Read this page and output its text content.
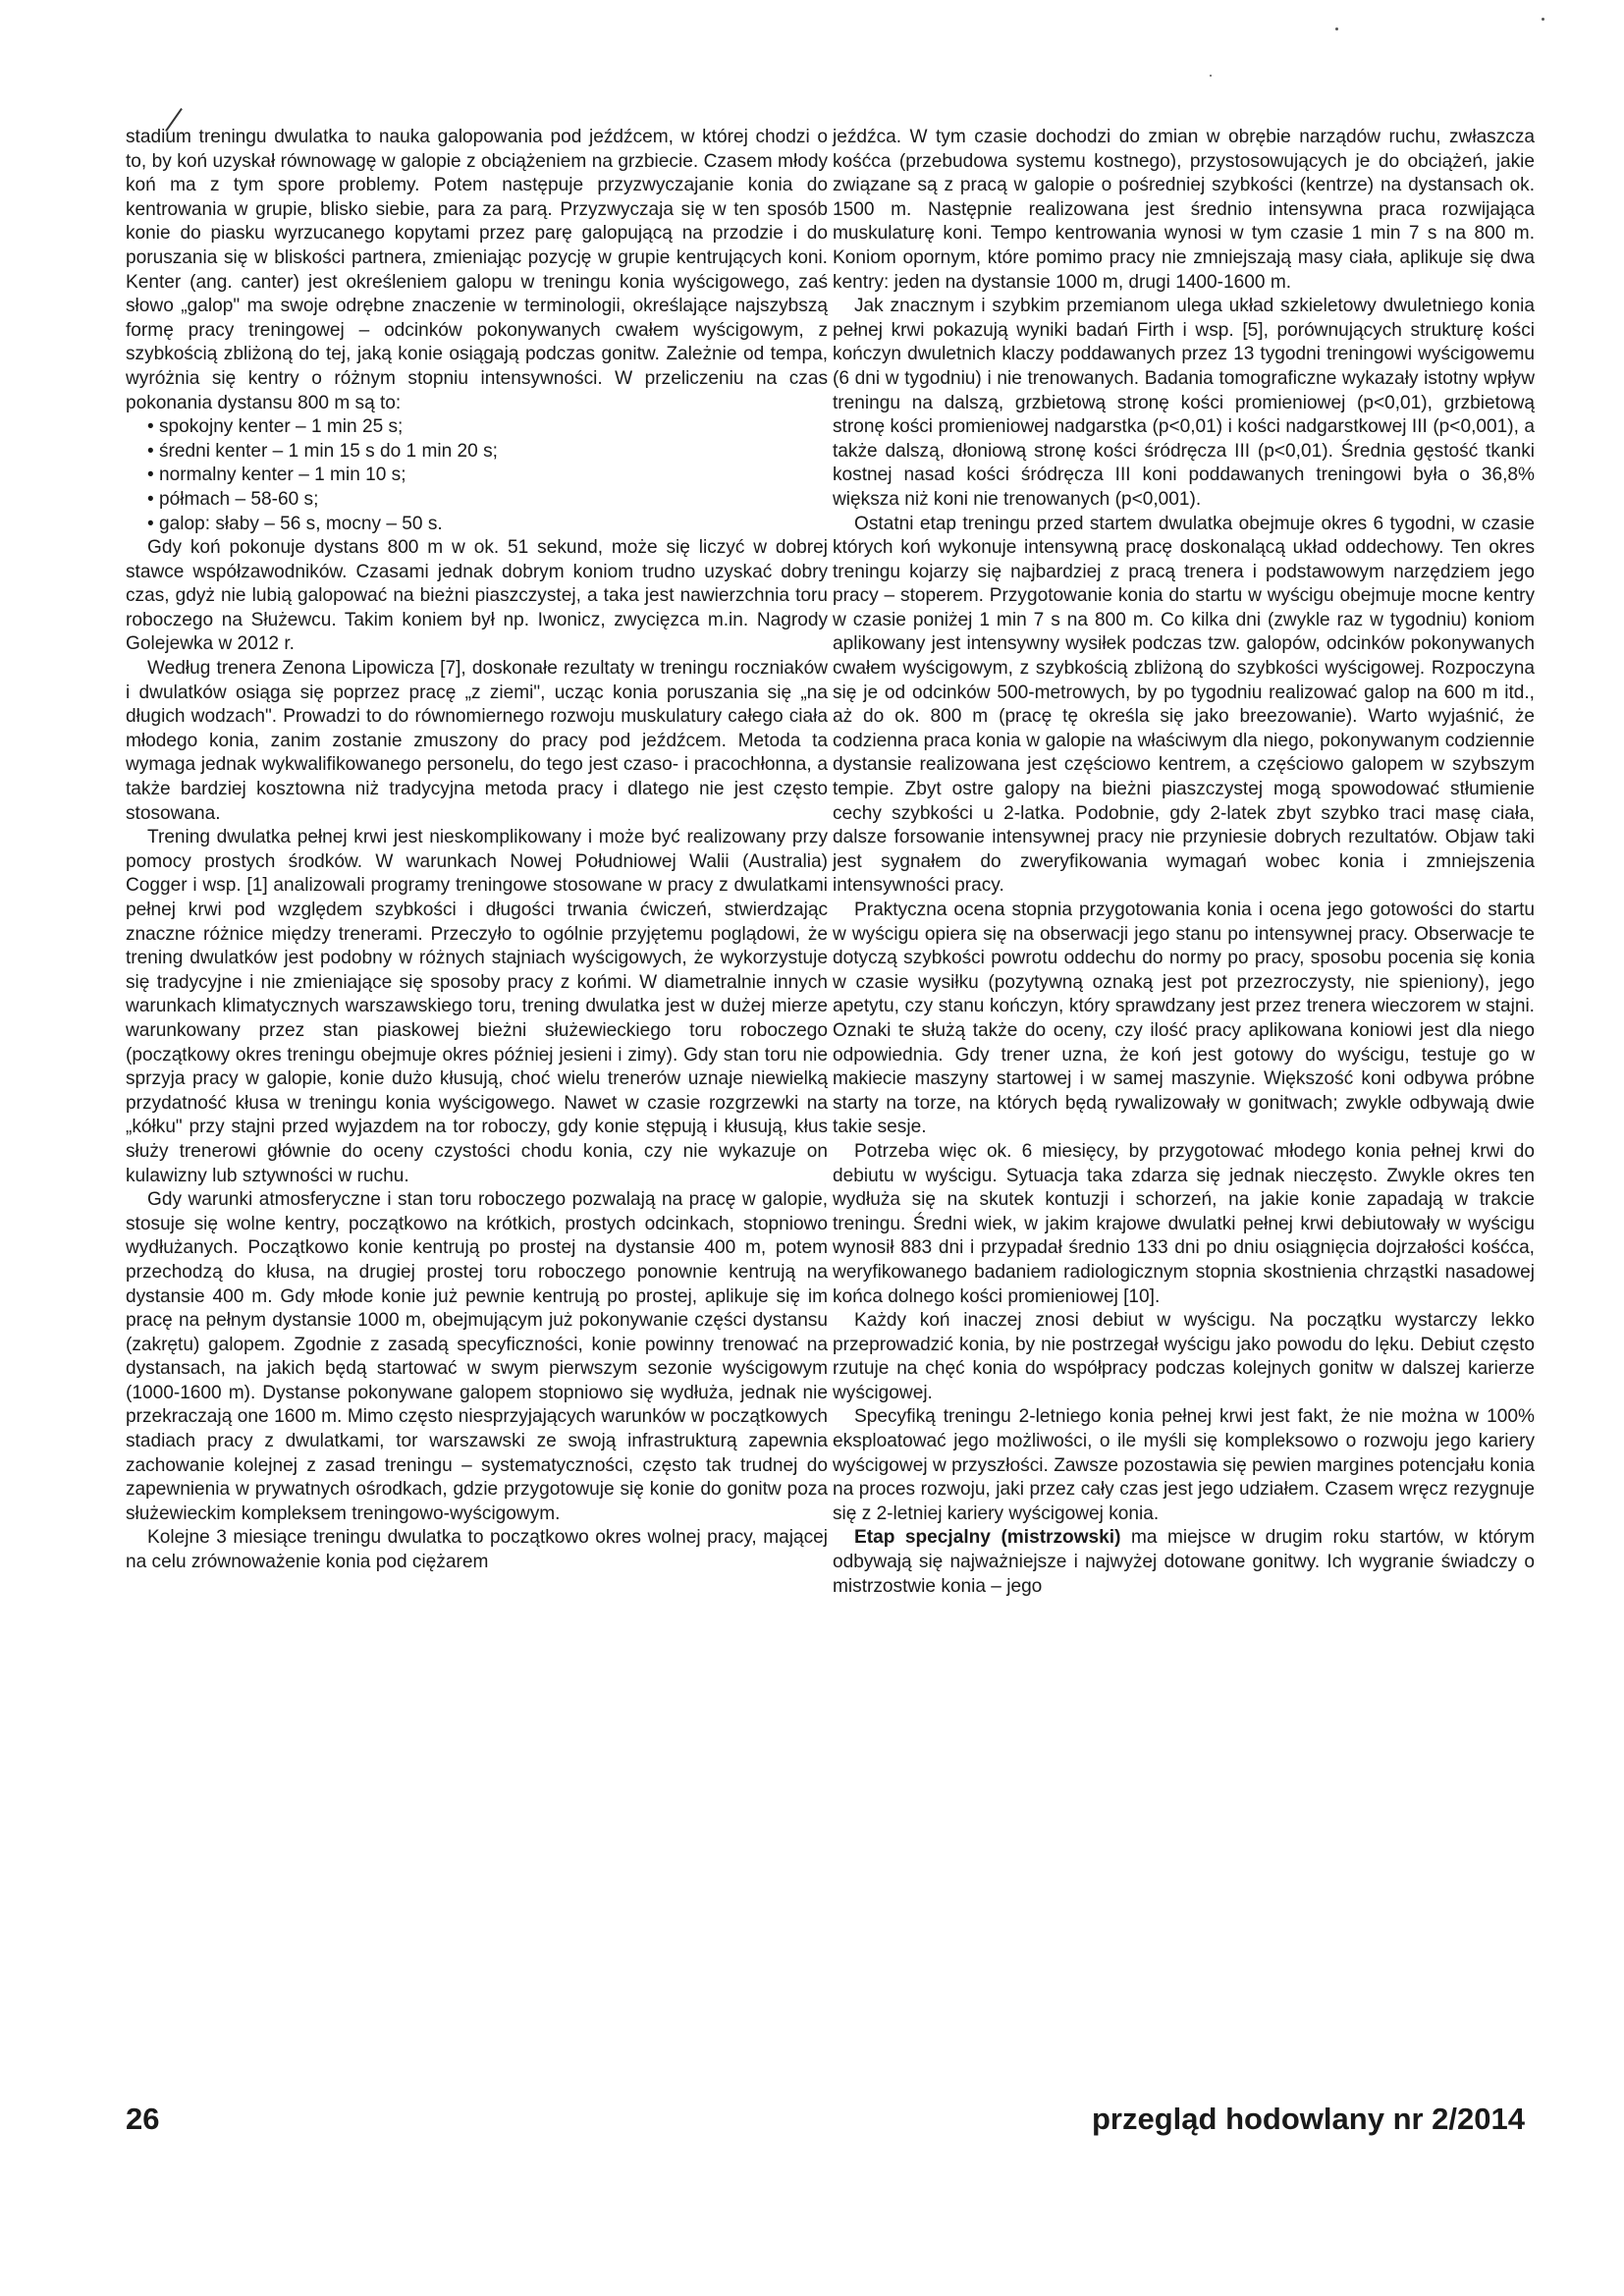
stadium treningu dwulatka to nauka galopowania pod jeźdźcem, w której chodzi o to, by koń uzyskał równowagę w galopie z obciążeniem na grzbiecie. Czasem młody koń ma z tym spore problemy. Potem następuje przyzwyczajanie konia do kentrowania w grupie, blisko siebie, para za parą. Przyzwyczaja się w ten sposób konie do piasku wyrzucanego kopytami przez parę galopującą na przodzie i do poruszania się w bliskości partnera, zmieniając pozycję w grupie kentrujących koni. Kenter (ang. canter) jest określeniem galopu w treningu konia wyścigowego, zaś słowo „galop" ma swoje odrębne znaczenie w terminologii, określające najszybszą formę pracy treningowej – odcinków pokonywanych cwałem wyścigowym, z szybkością zbliżoną do tej, jaką konie osiągają podczas gonitw. Zależnie od tempa, wyróżnia się kentry o różnym stopniu intensywności. W przeliczeniu na czas pokonania dystansu 800 m są to:

• spokojny kenter – 1 min 25 s;
• średni kenter – 1 min 15 s do 1 min 20 s;
• normalny kenter – 1 min 10 s;
• półmach – 58-60 s;
• galop: słaby – 56 s, mocny – 50 s.

Gdy koń pokonuje dystans 800 m w ok. 51 sekund, może się liczyć w dobrej stawce współzawodników. Czasami jednak dobrym koniom trudno uzyskać dobry czas, gdyż nie lubią galopować na bieżni piaszczystej, a taka jest nawierzchnia toru roboczego na Służewcu. Takim koniem był np. Iwonicz, zwycięzca m.in. Nagrody Golejewka w 2012 r.

Według trenera Zenona Lipowicza [7], doskonałe rezultaty w treningu roczniaków i dwulatków osiąga się poprzez pracę „z ziemi", ucząc konia poruszania się „na długich wodzach". Prowadzi to do równomiernego rozwoju muskulatury całego ciała młodego konia, zanim zostanie zmuszony do pracy pod jeźdźcem. Metoda ta wymaga jednak wykwalifikowanego personelu, do tego jest czaso- i pracochłonna, a także bardziej kosztowna niż tradycyjna metoda pracy i dlatego nie jest często stosowana.

Trening dwulatka pełnej krwi jest nieskomplikowany i może być realizowany przy pomocy prostych środków. W warunkach Nowej Południowej Walii (Australia) Cogger i wsp. [1] analizowali programy treningowe stosowane w pracy z dwulatkami pełnej krwi pod względem szybkości i długości trwania ćwiczeń, stwierdzając znaczne różnice między trenerami. Przeczyło to ogólnie przyjętemu poglądowi, że trening dwulatków jest podobny w różnych stajniach wyścigowych, że wykorzystuje się tradycyjne i nie zmieniające się sposoby pracy z końmi. W diametralnie innych warunkach klimatycznych warszawskiego toru, trening dwulatka jest w dużej mierze warunkowany przez stan piaskowej bieżni służewieckiego toru roboczego (początkowy okres treningu obejmuje okres później jesieni i zimy). Gdy stan toru nie sprzyja pracy w galopie, konie dużo kłusują, choć wielu trenerów uznaje niewielką przydatność kłusa w treningu konia wyścigowego. Nawet w czasie rozgrzewki na „kółku" przy stajni przed wyjazdem na tor roboczy, gdy konie stępują i kłusują, kłus służy trenerowi głównie do oceny czystości chodu konia, czy nie wykazuje on kulawizny lub sztywności w ruchu.

Gdy warunki atmosferyczne i stan toru roboczego pozwalają na pracę w galopie, stosuje się wolne kentry, początkowo na krótkich, prostych odcinkach, stopniowo wydłużanych. Początkowo konie kentrują po prostej na dystansie 400 m, potem przechodzą do kłusa, na drugiej prostej toru roboczego ponownie kentrują na dystansie 400 m. Gdy młode konie już pewnie kentrują po prostej, aplikuje się im pracę na pełnym dystansie 1000 m, obejmującym już pokonywanie części dystansu (zakrętu) galopem. Zgodnie z zasadą specyficzności, konie powinny trenować na dystansach, na jakich będą startować w swym pierwszym sezonie wyścigowym (1000-1600 m). Dystanse pokonywane galopem stopniowo się wydłuża, jednak nie przekraczają one 1600 m. Mimo często niesprzyjających warunków w początkowych stadiach pracy z dwulatkami, tor warszawski ze swoją infrastrukturą zapewnia zachowanie kolejnej z zasad treningu – systematyczności, często tak trudnej do zapewnienia w prywatnych ośrodkach, gdzie przygotowuje się konie do gonitw poza służewieckim kompleksem treningowo-wyścigowym.

Kolejne 3 miesiące treningu dwulatka to początkowo okres wolnej pracy, mającej na celu zrównoważenie konia pod ciężarem

jeźdźca. W tym czasie dochodzi do zmian w obrębie narządów ruchu, zwłaszcza kośćca (przebudowa systemu kostnego), przystosowujących je do obciążeń, jakie związane są z pracą w galopie o pośredniej szybkości (kentrze) na dystansach ok. 1500 m. Następnie realizowana jest średnio intensywna praca rozwijająca muskulaturę koni. Tempo kentrowania wynosi w tym czasie 1 min 7 s na 800 m. Koniom opornym, które pomimo pracy nie zmniejszają masy ciała, aplikuje się dwa kentry: jeden na dystansie 1000 m, drugi 1400-1600 m.

Jak znacznym i szybkim przemianom ulega układ szkieletowy dwuletniego konia pełnej krwi pokazują wyniki badań Firth i wsp. [5], porównujących strukturę kości kończyn dwuletnich klaczy poddawanych przez 13 tygodni treningowi wyścigowemu (6 dni w tygodniu) i nie trenowanych. Badania tomograficzne wykazały istotny wpływ treningu na dalszą, grzbietową stronę kości promieniowej (p<0,01), grzbietową stronę kości promieniowej nadgarstka (p<0,01) i kości nadgarstkowej III (p<0,001), a także dalszą, dłoniową stronę kości śródręcza III (p<0,01). Średnia gęstość tkanki kostnej nasad kości śródręcza III koni poddawanych treningowi była o 36,8% większa niż koni nie trenowanych (p<0,001).

Ostatni etap treningu przed startem dwulatka obejmuje okres 6 tygodni, w czasie których koń wykonuje intensywną pracę doskonalącą układ oddechowy. Ten okres treningu kojarzy się najbardziej z pracą trenera i podstawowym narzędziem jego pracy – stoperem. Przygotowanie konia do startu w wyścigu obejmuje mocne kentry w czasie poniżej 1 min 7 s na 800 m. Co kilka dni (zwykle raz w tygodniu) koniom aplikowany jest intensywny wysiłek podczas tzw. galopów, odcinków pokonywanych cwałem wyścigowym, z szybkością zbliżoną do szybkości wyścigowej. Rozpoczyna się je od odcinków 500-metrowych, by po tygodniu realizować galop na 600 m itd., aż do ok. 800 m (pracę tę określa się jako breezowanie). Warto wyjaśnić, że codzienna praca konia w galopie na właściwym dla niego, pokonywanym codziennie dystansie realizowana jest częściowo kentrem, a częściowo galopem w szybszym tempie. Zbyt ostre galopy na bieżni piaszczystej mogą spowodować stłumienie cechy szybkości u 2-latka. Podobnie, gdy 2-latek zbyt szybko traci masę ciała, dalsze forsowanie intensywnej pracy nie przyniesie dobrych rezultatów. Objaw taki jest sygnałem do zweryfikowania wymagań wobec konia i zmniejszenia intensywności pracy.

Praktyczna ocena stopnia przygotowania konia i ocena jego gotowości do startu w wyścigu opiera się na obserwacji jego stanu po intensywnej pracy. Obserwacje te dotyczą szybkości powrotu oddechu do normy po pracy, sposobu pocenia się konia w czasie wysiłku (pozytywną oznaką jest pot przezroczysty, nie spieniony), jego apetytu, czy stanu kończyn, który sprawdzany jest przez trenera wieczorem w stajni. Oznaki te służą także do oceny, czy ilość pracy aplikowana koniowi jest dla niego odpowiednia. Gdy trener uzna, że koń jest gotowy do wyścigu, testuje go w makiecie maszyny startowej i w samej maszynie. Większość koni odbywa próbne starty na torze, na których będą rywalizowały w gonitwach; zwykle odbywają dwie takie sesje.

Potrzeba więc ok. 6 miesięcy, by przygotować młodego konia pełnej krwi do debiutu w wyścigu. Sytuacja taka zdarza się jednak nieczęsto. Zwykle okres ten wydłuża się na skutek kontuzji i schorzeń, na jakie konie zapadają w trakcie treningu. Średni wiek, w jakim krajowe dwulatki pełnej krwi debiutowały w wyścigu wynosił 883 dni i przypadał średnio 133 dni po dniu osiągnięcia dojrzałości kośćca, weryfikowanego badaniem radiologicznym stopnia skostnienia chrząstki nasadowej końca dolnego kości promieniowej [10].

Każdy koń inaczej znosi debiut w wyścigu. Na początku wystarczy lekko przeprowadzić konia, by nie postrzegał wyścigu jako powodu do lęku. Debiut często rzutuje na chęć konia do współpracy podczas kolejnych gonitw w dalszej karierze wyścigowej.

Specyfiką treningu 2-letniego konia pełnej krwi jest fakt, że nie można w 100% eksploatować jego możliwości, o ile myśli się kompleksowo o rozwoju jego kariery wyścigowej w przyszłości. Zawsze pozostawia się pewien margines potencjału konia na proces rozwoju, jaki przez cały czas jest jego udziałem. Czasem wręcz rezygnuje się z 2-letniej kariery wyścigowej konia.

Etap specjalny (mistrzowski) ma miejsce w drugim roku startów, w którym odbywają się najważniejsze i najwyżej dotowane gonitwy. Ich wygranie świadczy o mistrzostwie konia – jego

26	przegląd hodowlany nr 2/2014
